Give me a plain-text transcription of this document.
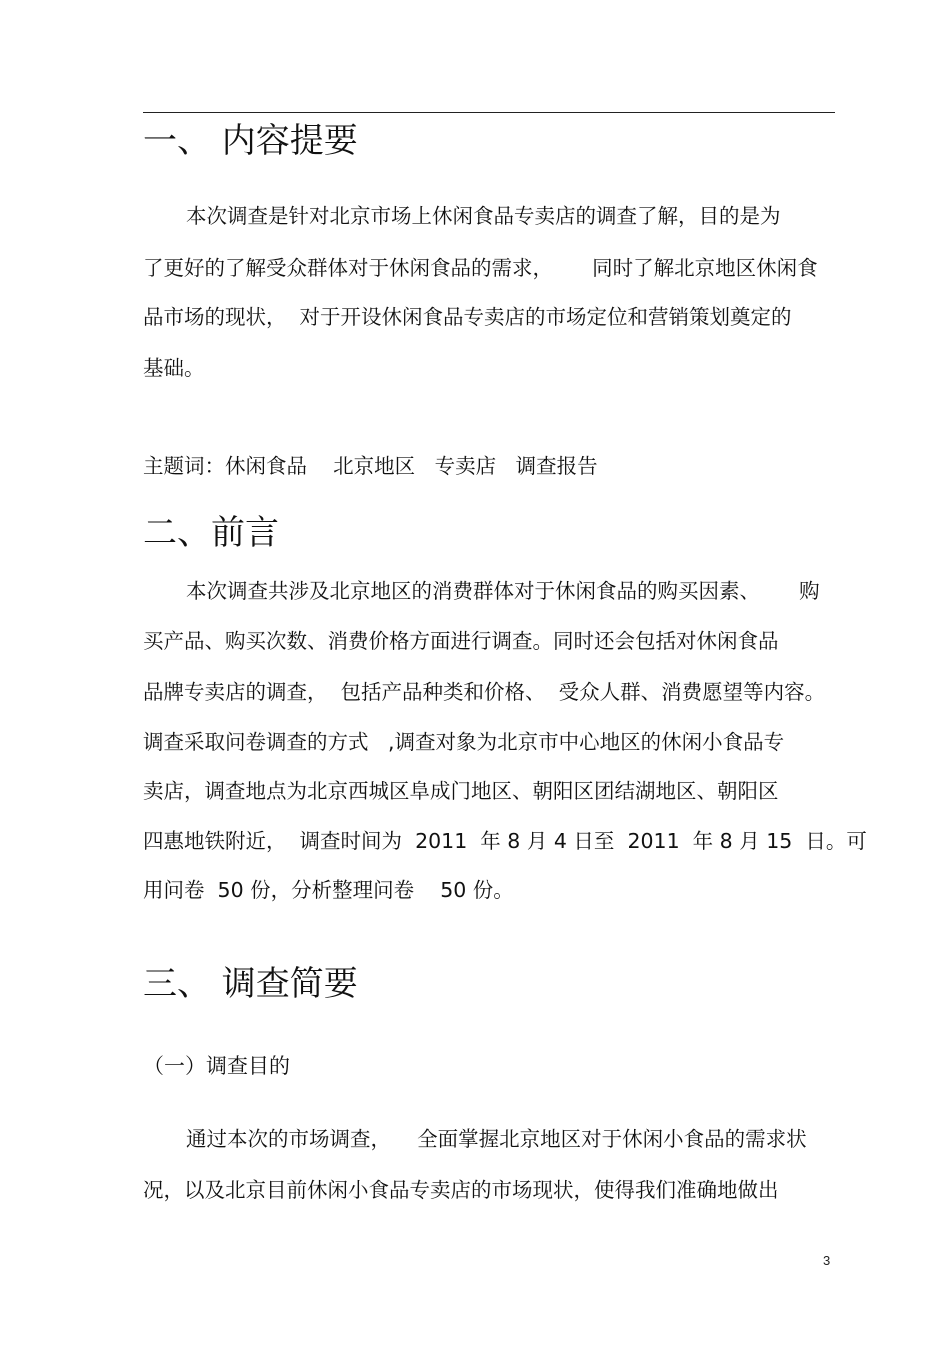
一、 内容提要
本次调查是针对北京市场上休闲食品专卖店的调查了解，目的是为
了更好的了解受众群体对于休闲食品的需求，      同时了解北京地区休闲食
品市场的现状，  对于开设休闲食品专卖店的市场定位和营销策划奠定的
基础。
主题词：休闲食品    北京地区   专卖店   调查报告
二、前言
本次调查共涉及北京地区的消费群体对于休闲食品的购买因素、      购
买产品、购买次数、消费价格方面进行调查。同时还会包括对休闲食品
品牌专卖店的调查，  包括产品种类和价格、  受众人群、消费愿望等内容。
调查采取问卷调查的方式   ,调查对象为北京市中心地区的休闲小食品专
卖店，调查地点为北京西城区阜成门地区、朝阳区团结湖地区、朝阳区
四惠地铁附近，  调查时间为  2011  年 8 月 4 日至  2011  年 8 月 15  日。可
用问卷  50 份，分析整理问卷    50 份。
三、 调查简要
（一）调查目的
通过本次的市场调查，    全面掌握北京地区对于休闲小食品的需求状
况，以及北京目前休闲小食品专卖店的市场现状，使得我们准确地做出
3
